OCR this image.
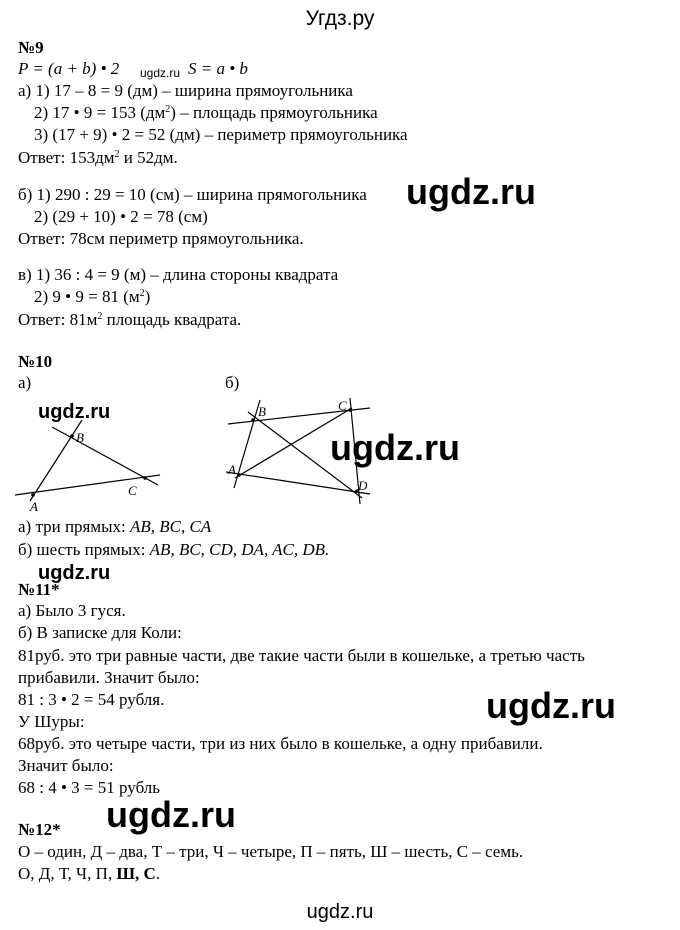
Угдз.ру
№9
P = (a + b) • 2 ugdz.ru S = a • b
а) 1) 17 – 8 = 9 (дм) – ширина прямоугольника
2) 17 • 9 = 153 $(дм^2)$ – площадь прямоугольника
3) (17 + 9) • 2 = 52 (дм) – периметр прямоугольника
Ответ: $153дм^2$ и 52дм.
б) 1) 290 : 29 = 10 (см) – ширина прямогольника ugdz.ru
2) (29 + 10) • 2 = 78 (см)
Ответ: 78см периметр прямоугольника.
в) 1) 36 : 4 = 9 (м) – длина стороны квадрата
2) 9 • 9 = 81 $(м^2)$
Ответ: $81м^2$ площадь квадрата.
№10
а)	б)
ugdz.ru
A
B
C
A
B	C
D
ugdz.ru
а) три прямых: AB, BC, CA
б) шесть прямых: AB, BC, CD, DA, AC, DB.
ugdz.ru
№11*
а) Было 3 гуся.
б) В записке для Коли:
81руб. это три равные части, две такие части были в кошельке, а третью часть
прибавили. Значит было:
81 : 3 • 2 = 54 рубля.	ugdz.ru
У Шуры:
68руб. это четыре части, три из них было в кошельке, а одну прибавили.
Значит было:
68 : 4 • 3 = 51 рубль
ugdz.ru
№12*
О – один, Д – два, Т – три, Ч – четыре, П – пять, Ш – шесть, С – семь.
О, Д, Т, Ч, П, Ш, С.
ugdz.ru
